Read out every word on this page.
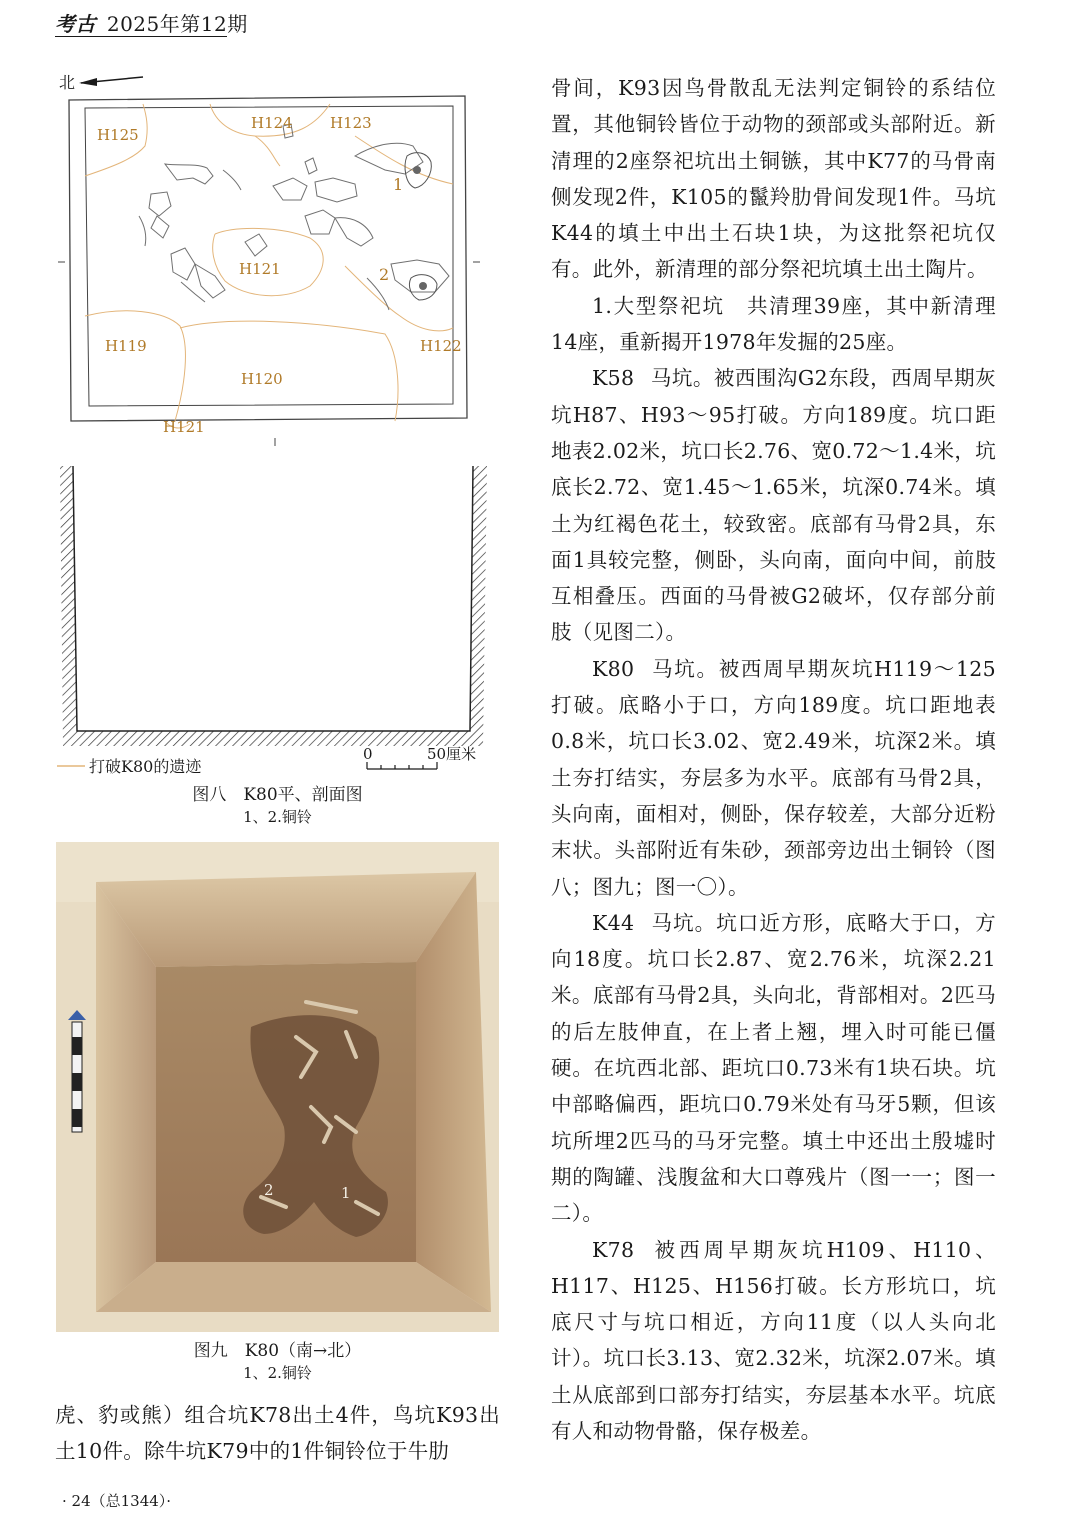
考古 2025年第12期
北
H125
H124 H123
H121
H119
H120
H122
H121
1
2
打破K80的遗迹
0	50厘米
图八　K80平、剖面图
1、2.铜铃
2	1
图九　K80（南→北）
1、2.铜铃

虎、豹或熊）组合坑K78出土4件，鸟坑K93出土10件。除牛坑K79中的1件铜铃位于牛肋

骨间，K93因鸟骨散乱无法判定铜铃的系结位置，其他铜铃皆位于动物的颈部或头部附近。新清理的2座祭祀坑出土铜镞，其中K77的马骨南侧发现2件，K105的鬣羚肋骨间发现1件。马坑K44的填土中出土石块1块，为这批祭祀坑仅有。此外，新清理的部分祭祀坑填土出土陶片。

1.大型祭祀坑　共清理39座，其中新清理14座，重新揭开1978年发掘的25座。

K58 马坑。被西围沟G2东段，西周早期灰坑H87、H93～95打破。方向189度。坑口距地表2.02米，坑口长2.76、宽0.72～1.4米，坑底长2.72、宽1.45～1.65米，坑深0.74米。填土为红褐色花土，较致密。底部有马骨2具，东面1具较完整，侧卧，头向南，面向中间，前肢互相叠压。西面的马骨被G2破坏，仅存部分前肢（见图二）。

K80 马坑。被西周早期灰坑H119～125打破。底略小于口，方向189度。坑口距地表0.8米，坑口长3.02、宽2.49米，坑深2米。填土夯打结实，夯层多为水平。底部有马骨2具，头向南，面相对，侧卧，保存较差，大部分近粉末状。头部附近有朱砂，颈部旁边出土铜铃（图八；图九；图一〇）。

K44 马坑。坑口近方形，底略大于口，方向18度。坑口长2.87、宽2.76米，坑深2.21米。底部有马骨2具，头向北，背部相对。2匹马的后左肢伸直，在上者上翘，埋入时可能已僵硬。在坑西北部、距坑口0.73米有1块石块。坑中部略偏西，距坑口0.79米处有马牙5颗，但该坑所埋2匹马的马牙完整。填土中还出土殷墟时期的陶罐、浅腹盆和大口尊残片（图一一；图一二）。

K78 被西周早期灰坑H109、H110、H117、H125、H156打破。长方形坑口，坑底尺寸与坑口相近，方向11度（以人头向北计）。坑口长3.13、宽2.32米，坑深2.07米。填土从底部到口部夯打结实，夯层基本水平。坑底有人和动物骨骼，保存极差。

· 24（总1344）·
